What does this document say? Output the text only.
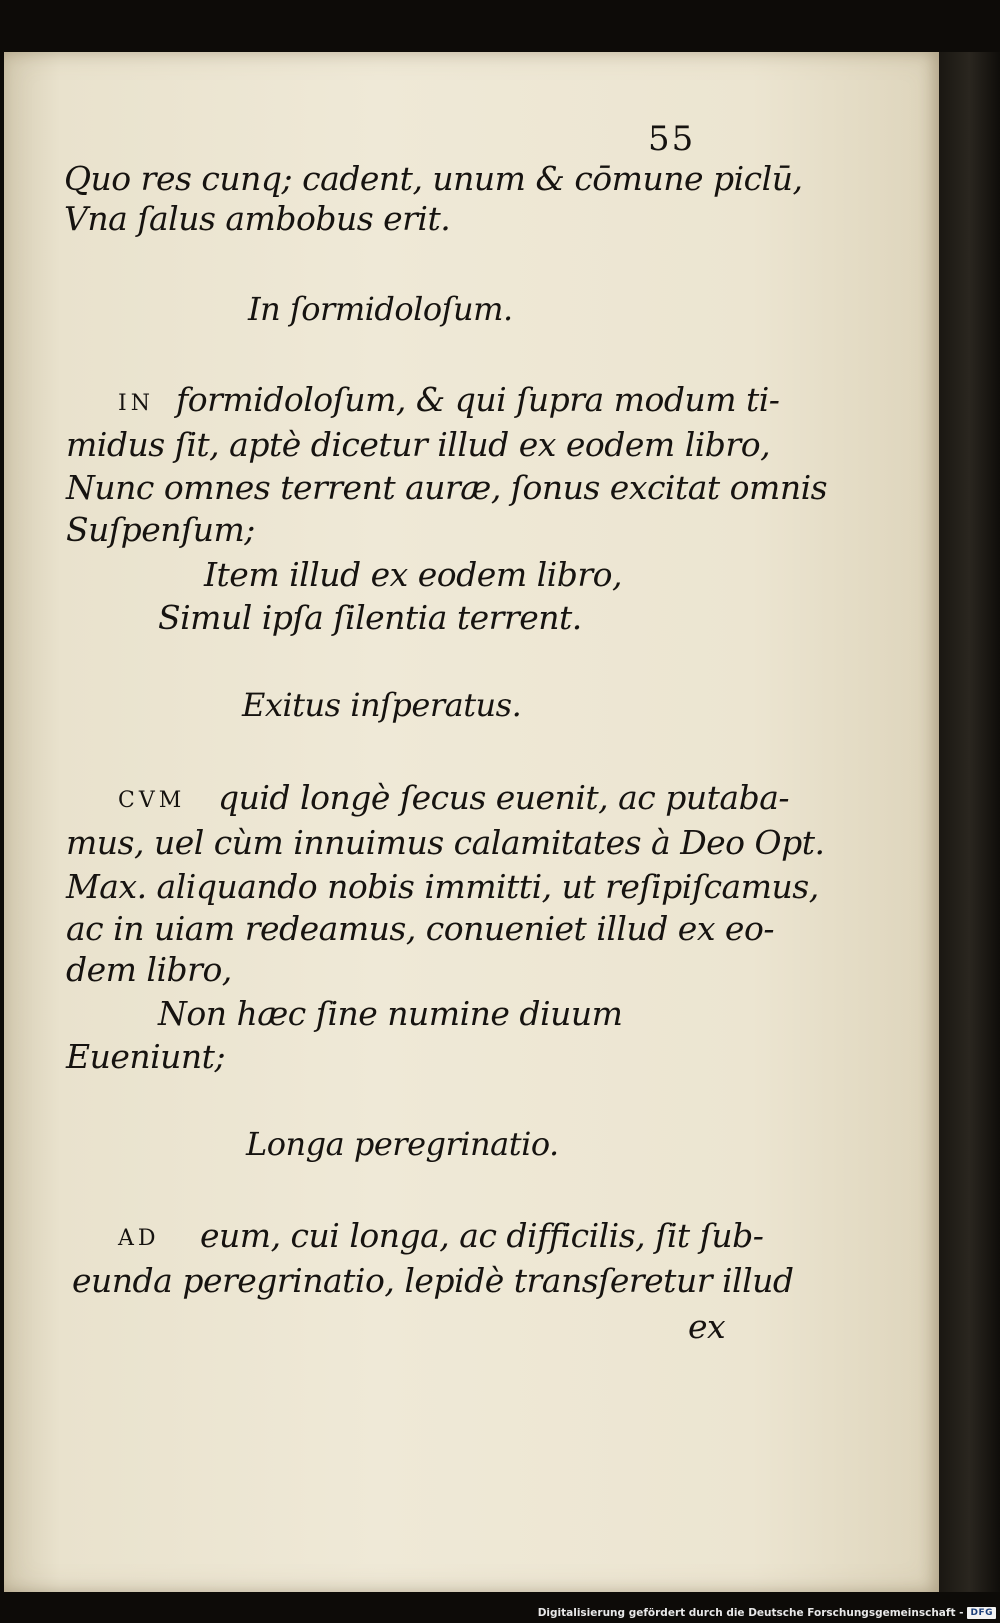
55
Quo res cunq; cadent, unum & cōmune piclū,
Vna ſalus ambobus erit.
In ſormidoloſum.
IN formidoloſum, & qui ſupra modum ti-
midus ſit, aptè dicetur illud ex eodem libro,
Nunc omnes terrent auræ, ſonus excitat omnis
Suſpenſum;
Item illud ex eodem libro,
Simul ipſa ſilentia terrent.
Exitus inſperatus.
CVM quid longè ſecus euenit, ac putaba-
mus, uel cùm innuimus calamitates à Deo Opt.
Max. aliquando nobis immitti, ut reſipiſcamus,
ac in uiam redeamus, conueniet illud ex eo-
dem libro,
Non hæc ſine numine diuum
Eueniunt;
Longa peregrinatio.
AD eum, cui longa, ac difficilis, ſit ſub-
eunda peregrinatio, lepidè transſeretur illud
ex
Digitalisierung gefördert durch die Deutsche Forschungsgemeinschaft - DFG
